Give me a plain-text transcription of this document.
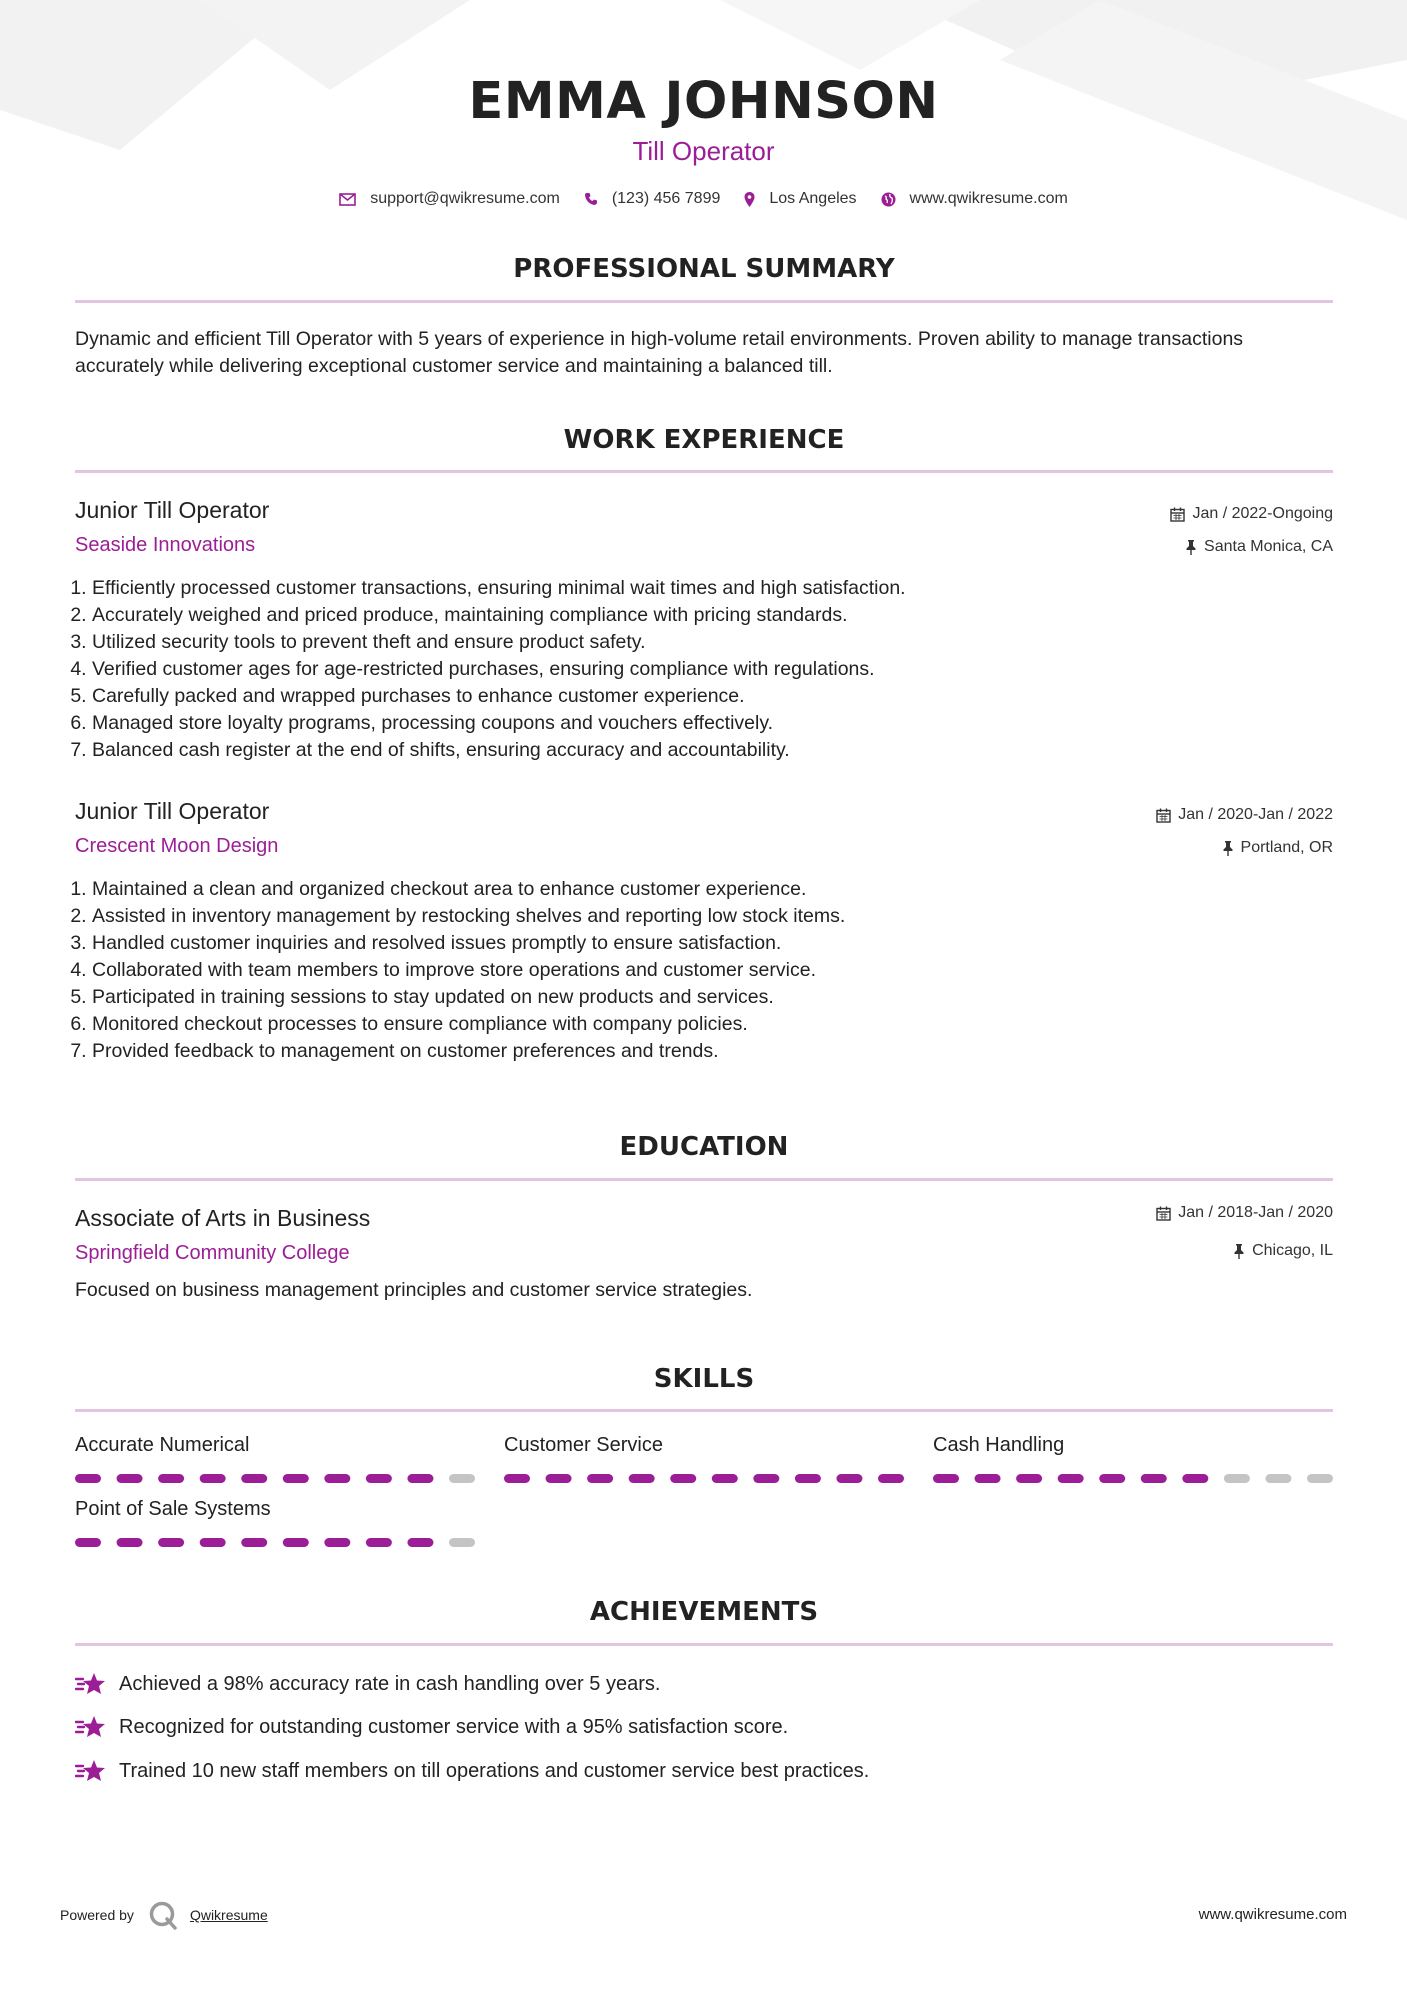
EMMA JOHNSON
Till Operator
support@qwikresume.com	(123) 456 7899	Los Angeles	www.qwikresume.com
PROFESSIONAL SUMMARY
Dynamic and efficient Till Operator with 5 years of experience in high-volume retail environments. Proven ability to manage transactions accurately while delivering exceptional customer service and maintaining a balanced till.
WORK EXPERIENCE
Junior Till Operator
Seaside Innovations
Jan / 2022-Ongoing
Santa Monica, CA
1. Efficiently processed customer transactions, ensuring minimal wait times and high satisfaction.
2. Accurately weighed and priced produce, maintaining compliance with pricing standards.
3. Utilized security tools to prevent theft and ensure product safety.
4. Verified customer ages for age-restricted purchases, ensuring compliance with regulations.
5. Carefully packed and wrapped purchases to enhance customer experience.
6. Managed store loyalty programs, processing coupons and vouchers effectively.
7. Balanced cash register at the end of shifts, ensuring accuracy and accountability.
Junior Till Operator
Crescent Moon Design
Jan / 2020-Jan / 2022
Portland, OR
1. Maintained a clean and organized checkout area to enhance customer experience.
2. Assisted in inventory management by restocking shelves and reporting low stock items.
3. Handled customer inquiries and resolved issues promptly to ensure satisfaction.
4. Collaborated with team members to improve store operations and customer service.
5. Participated in training sessions to stay updated on new products and services.
6. Monitored checkout processes to ensure compliance with company policies.
7. Provided feedback to management on customer preferences and trends.
EDUCATION
Associate of Arts in Business
Springfield Community College
Jan / 2018-Jan / 2020
Chicago, IL
Focused on business management principles and customer service strategies.
SKILLS
Accurate Numerical	Customer Service	Cash Handling
Point of Sale Systems
ACHIEVEMENTS
Achieved a 98% accuracy rate in cash handling over 5 years.
Recognized for outstanding customer service with a 95% satisfaction score.
Trained 10 new staff members on till operations and customer service best practices.
Powered by	Qwikresume	www.qwikresume.com
